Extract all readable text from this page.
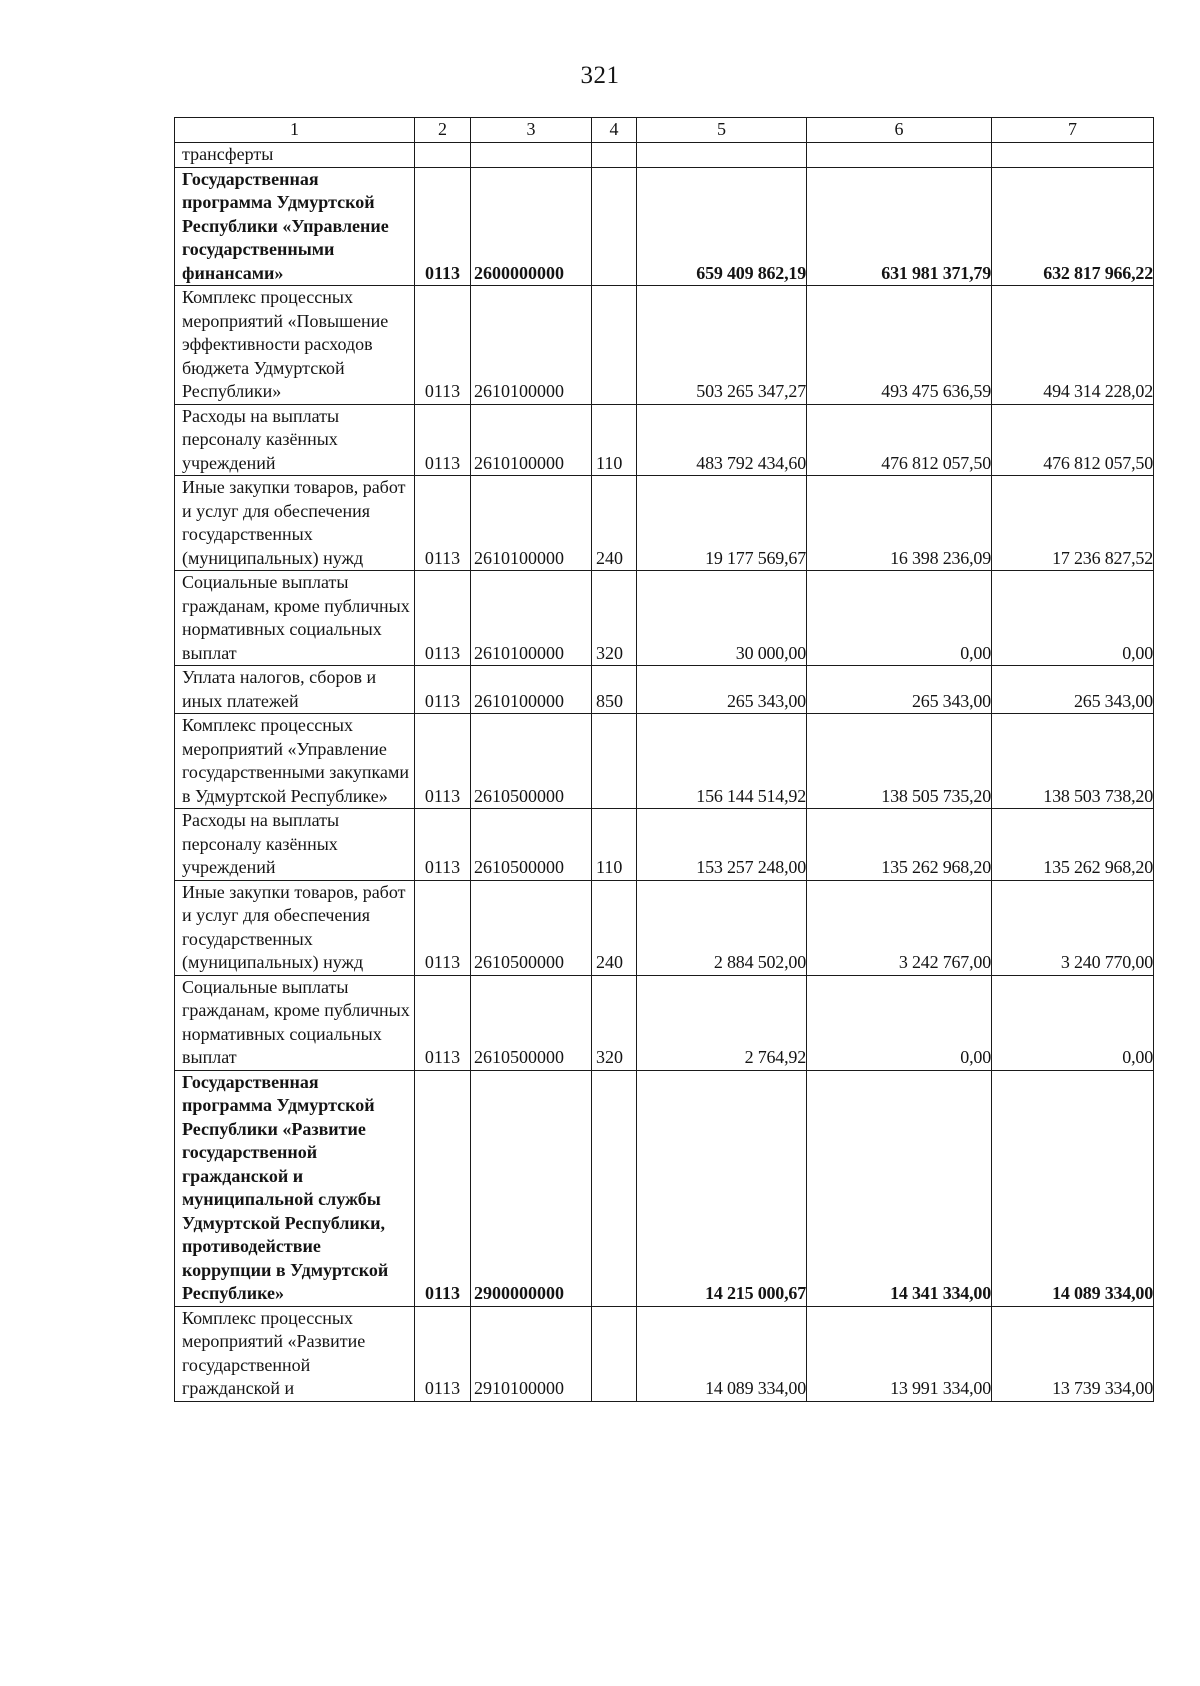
321
1	2	3	4	5	6	7
трансферты						
Государственная программа Удмуртской Республики «Управление государственными финансами»	0113	2600000000		659 409 862,19	631 981 371,79	632 817 966,22
Комплекс процессных мероприятий «Повышение эффективности расходов бюджета Удмуртской Республики»	0113	2610100000		503 265 347,27	493 475 636,59	494 314 228,02
Расходы на выплаты персоналу казённых учреждений	0113	2610100000	110	483 792 434,60	476 812 057,50	476 812 057,50
Иные закупки товаров, работ и услуг для обеспечения государственных (муниципальных) нужд	0113	2610100000	240	19 177 569,67	16 398 236,09	17 236 827,52
Социальные выплаты гражданам, кроме публичных нормативных социальных выплат	0113	2610100000	320	30 000,00	0,00	0,00
Уплата налогов, сборов и иных платежей	0113	2610100000	850	265 343,00	265 343,00	265 343,00
Комплекс процессных мероприятий «Управление государственными закупками в Удмуртской Республике»	0113	2610500000		156 144 514,92	138 505 735,20	138 503 738,20
Расходы на выплаты персоналу казённых учреждений	0113	2610500000	110	153 257 248,00	135 262 968,20	135 262 968,20
Иные закупки товаров, работ и услуг для обеспечения государственных (муниципальных) нужд	0113	2610500000	240	2 884 502,00	3 242 767,00	3 240 770,00
Социальные выплаты гражданам, кроме публичных нормативных социальных выплат	0113	2610500000	320	2 764,92	0,00	0,00
Государственная программа Удмуртской Республики «Развитие государственной гражданской и муниципальной службы Удмуртской Республики, противодействие коррупции в Удмуртской Республике»	0113	2900000000		14 215 000,67	14 341 334,00	14 089 334,00
Комплекс процессных мероприятий «Развитие государственной гражданской и	0113	2910100000		14 089 334,00	13 991 334,00	13 739 334,00
